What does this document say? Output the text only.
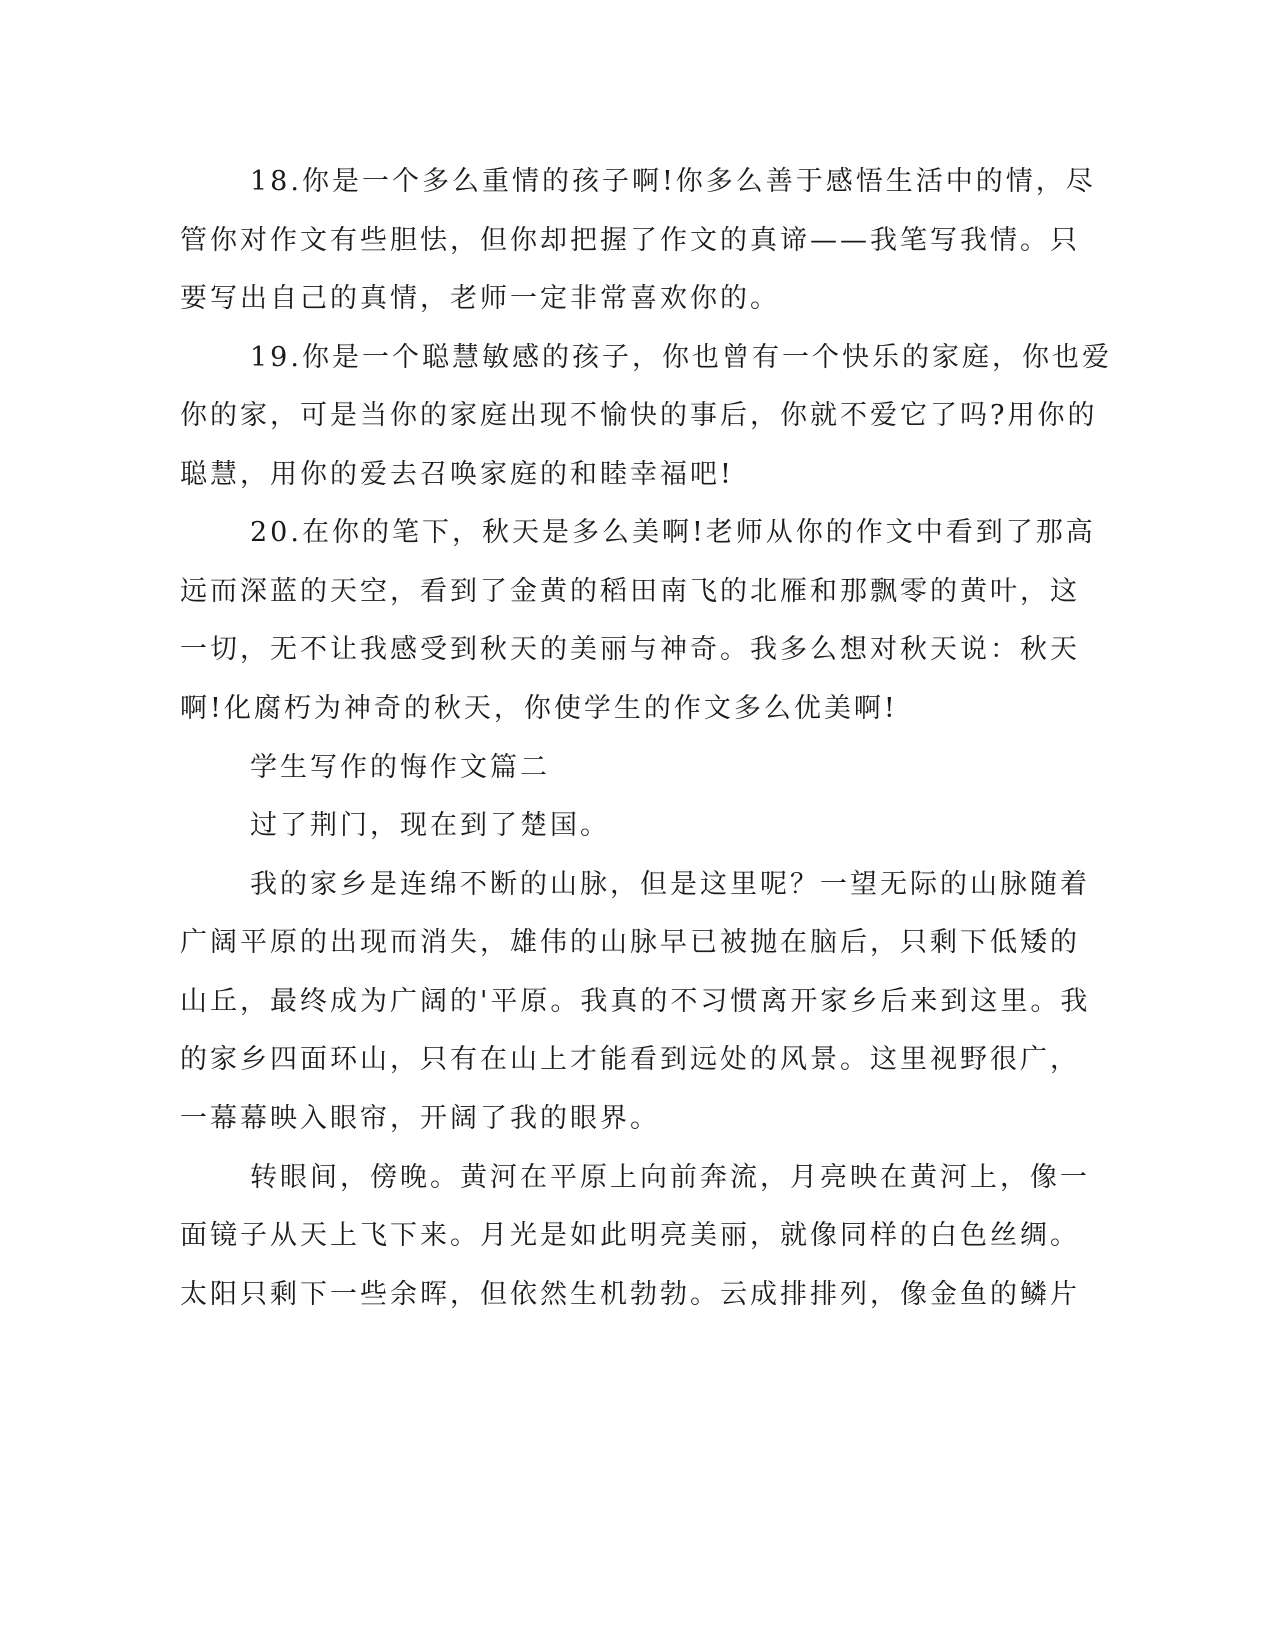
18.你是一个多么重情的孩子啊!你多么善于感悟生活中的情，尽
管你对作文有些胆怯，但你却把握了作文的真谛——我笔写我情。只
要写出自己的真情，老师一定非常喜欢你的。
19.你是一个聪慧敏感的孩子，你也曾有一个快乐的家庭，你也爱
你的家，可是当你的家庭出现不愉快的事后，你就不爱它了吗?用你的
聪慧，用你的爱去召唤家庭的和睦幸福吧!
20.在你的笔下，秋天是多么美啊!老师从你的作文中看到了那高
远而深蓝的天空，看到了金黄的稻田南飞的北雁和那飘零的黄叶，这
一切，无不让我感受到秋天的美丽与神奇。我多么想对秋天说：秋天
啊!化腐朽为神奇的秋天，你使学生的作文多么优美啊!
学生写作的悔作文篇二
过了荆门，现在到了楚国。
我的家乡是连绵不断的山脉，但是这里呢？一望无际的山脉随着
广阔平原的出现而消失，雄伟的山脉早已被抛在脑后，只剩下低矮的
山丘，最终成为广阔的'平原。我真的不习惯离开家乡后来到这里。我
的家乡四面环山，只有在山上才能看到远处的风景。这里视野很广，
一幕幕映入眼帘，开阔了我的眼界。
转眼间，傍晚。黄河在平原上向前奔流，月亮映在黄河上，像一
面镜子从天上飞下来。月光是如此明亮美丽，就像同样的白色丝绸。
太阳只剩下一些余晖，但依然生机勃勃。云成排排列，像金鱼的鳞片
